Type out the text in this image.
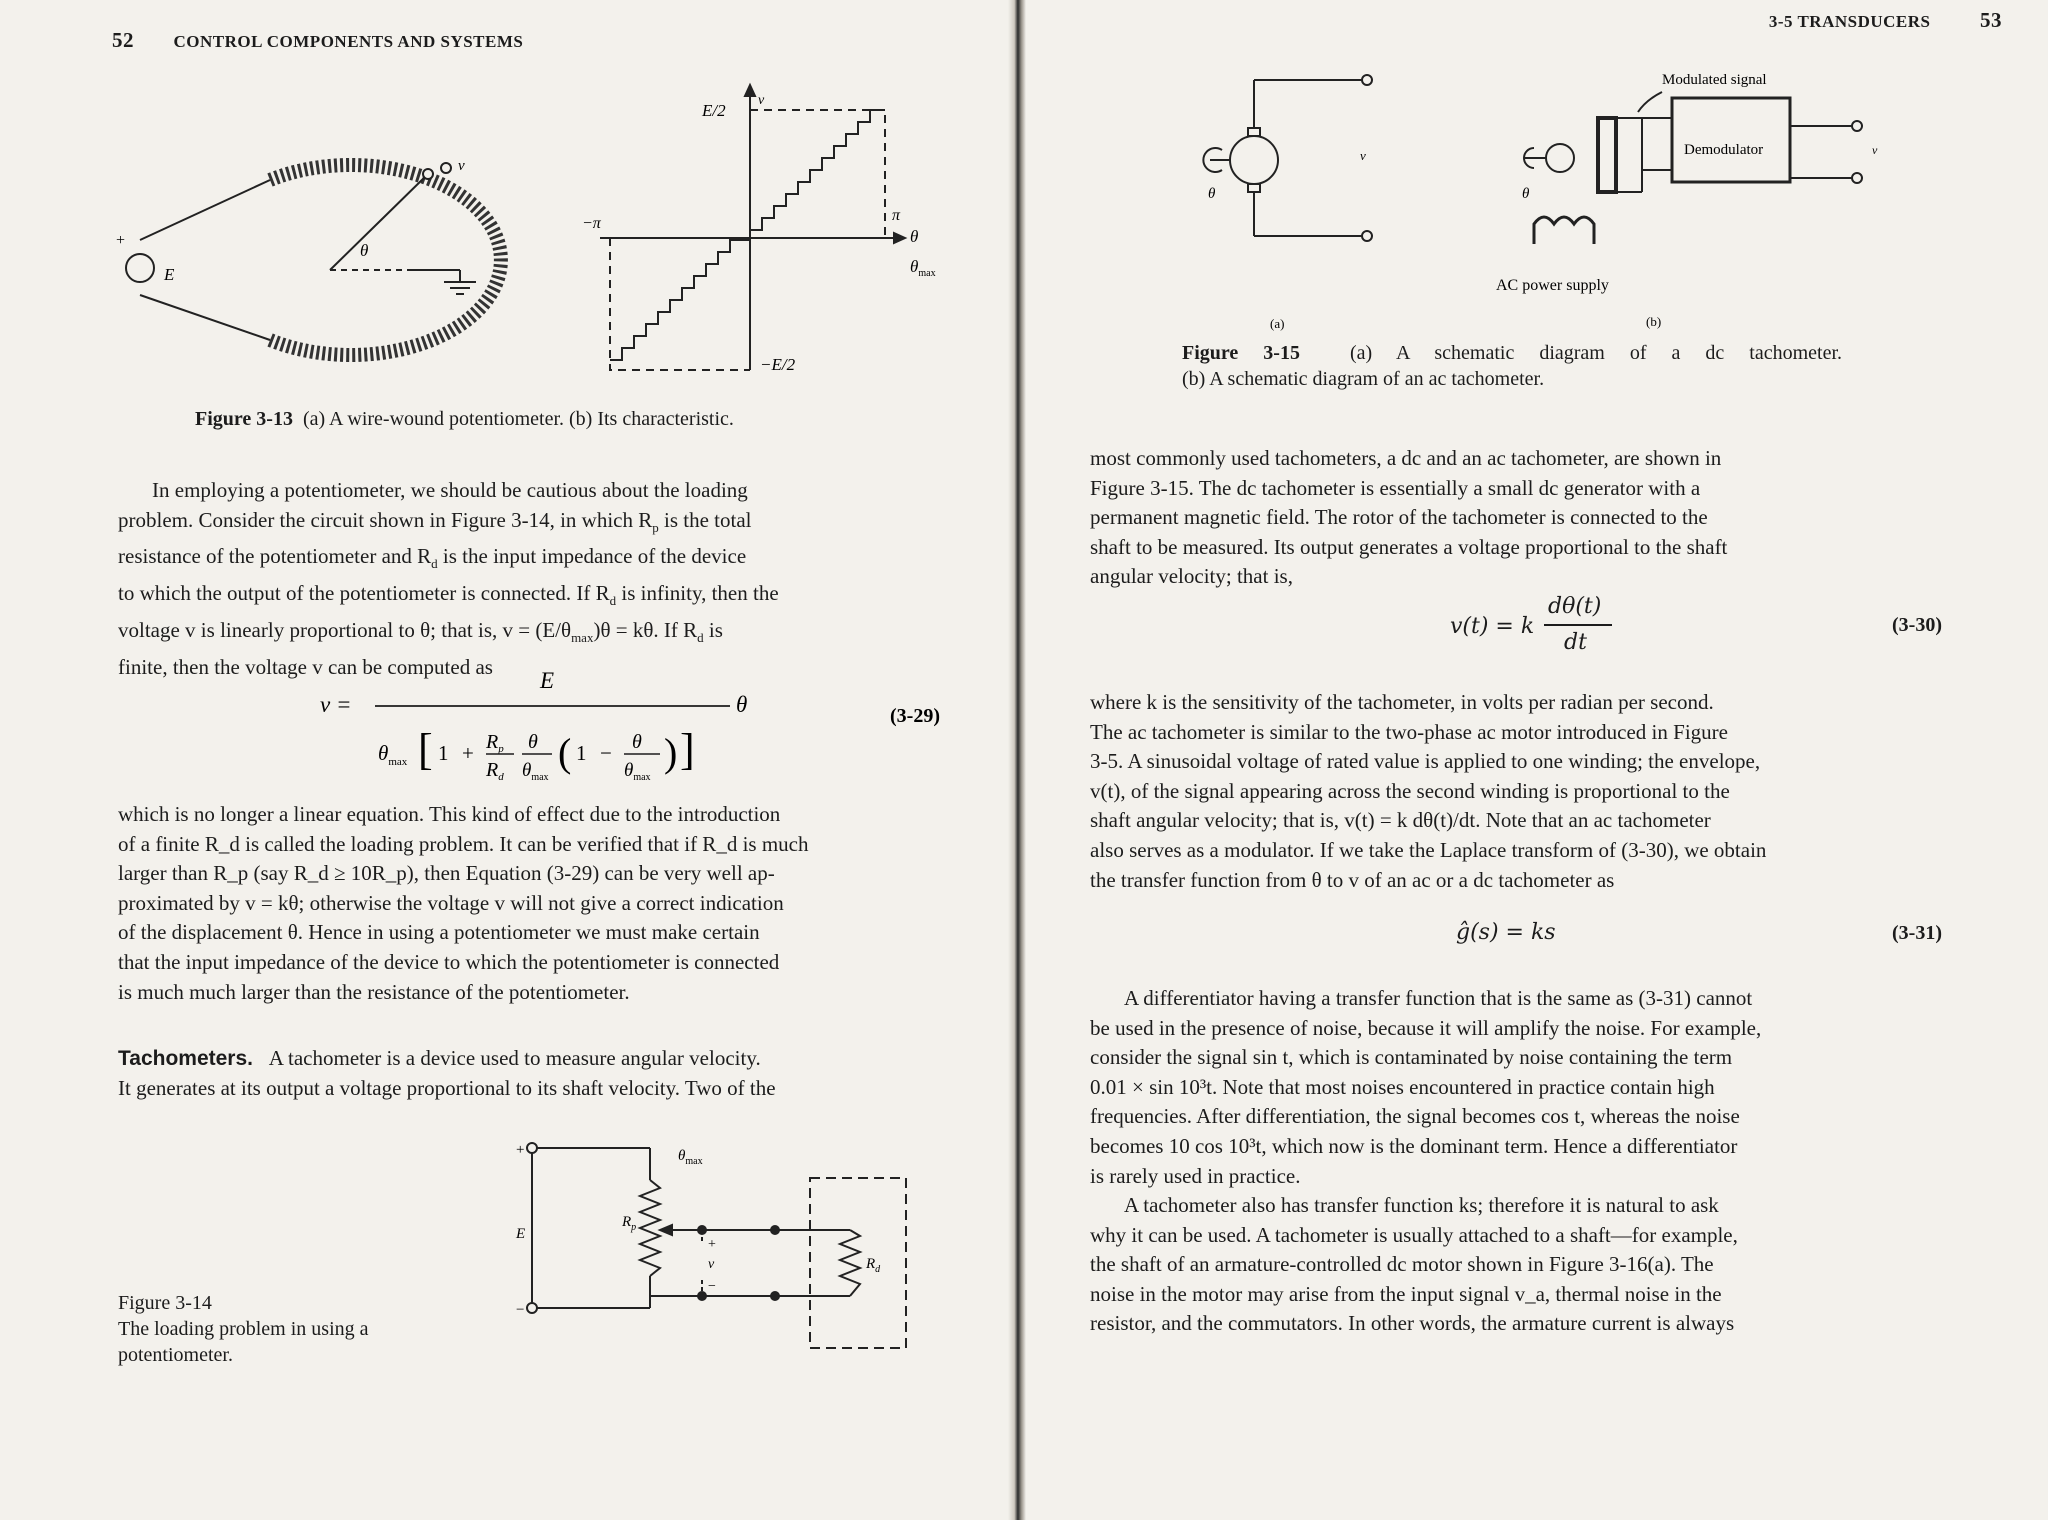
52 CONTROL COMPONENTS AND SYSTEMS
+
E
θ
v
E/2
−E/2
v
−π	π
θ
$\theta_{max}$
Figure 3-13 (a) A wire-wound potentiometer. (b) Its characteristic.

In employing a potentiometer, we should be cautious about the loading

problem. Consider the circuit shown in Figure 3-14, in which $R_p$ is the total

resistance of the potentiometer and $R_d$ is the input impedance of the device

to which the output of the potentiometer is connected. If $R_d$ is infinity, then the

voltage v is linearly proportional to θ; that is, $v = (E/\theta_{max})\theta = k\theta$. If $R_d$ is

finite, then the voltage v can be computed as

v =
E
θ
$\theta_{max}$ [ $1 + R_p$
$R_d$
θ
$\theta_{max}$
( 1 − θ
$\theta_{max}$
) ]
(3-29)

which is no longer a linear equation. This kind of effect due to the introduction

of a finite R_d is called the loading problem. It can be verified that if R_d is much

larger than R_p (say R_d ≥ 10R_p), then Equation (3-29) can be very well ap-

proximated by v = kθ; otherwise the voltage v will not give a correct indication

of the displacement θ. Hence in using a potentiometer we must make certain

that the input impedance of the device to which the potentiometer is connected

is much much larger than the resistance of the potentiometer.

Tachometers. A tachometer is a device used to measure angular velocity.

It generates at its output a voltage proportional to its shaft velocity. Two of the

+
−
E
$R_p$
$\theta_{max}$
+
v
−
$R_d$
Figure 3-14
The loading problem in using a
potentiometer.
3-5 TRANSDUCERS 53
θ
v
θ
Modulated signal
Demodulator	v
AC power supply
(a)	(b)
Figure 3-15	(a) A schematic diagram of a dc tachometer.
(b) A schematic diagram of an ac tachometer.

most commonly used tachometers, a dc and an ac tachometer, are shown in

Figure 3-15. The dc tachometer is essentially a small dc generator with a

permanent magnetic field. The rotor of the tachometer is connected to the

shaft to be measured. Its output generates a voltage proportional to the shaft

angular velocity; that is,

v(t) = k
dθ(t)
dt
(3-30)

where k is the sensitivity of the tachometer, in volts per radian per second.

The ac tachometer is similar to the two-phase ac motor introduced in Figure

3-5. A sinusoidal voltage of rated value is applied to one winding; the envelope,

v(t), of the signal appearing across the second winding is proportional to the

shaft angular velocity; that is, v(t) = k dθ(t)/dt. Note that an ac tachometer

also serves as a modulator. If we take the Laplace transform of (3-30), we obtain

the transfer function from θ to v of an ac or a dc tachometer as

ĝ(s) = ks	(3-31)

A differentiator having a transfer function that is the same as (3-31) cannot

be used in the presence of noise, because it will amplify the noise. For example,

consider the signal sin t, which is contaminated by noise containing the term

0.01 × sin 10³t. Note that most noises encountered in practice contain high

frequencies. After differentiation, the signal becomes cos t, whereas the noise

becomes 10 cos 10³t, which now is the dominant term. Hence a differentiator

is rarely used in practice.

A tachometer also has transfer function ks; therefore it is natural to ask

why it can be used. A tachometer is usually attached to a shaft—for example,

the shaft of an armature-controlled dc motor shown in Figure 3-16(a). The

noise in the motor may arise from the input signal v_a, thermal noise in the

resistor, and the commutators. In other words, the armature current is always
